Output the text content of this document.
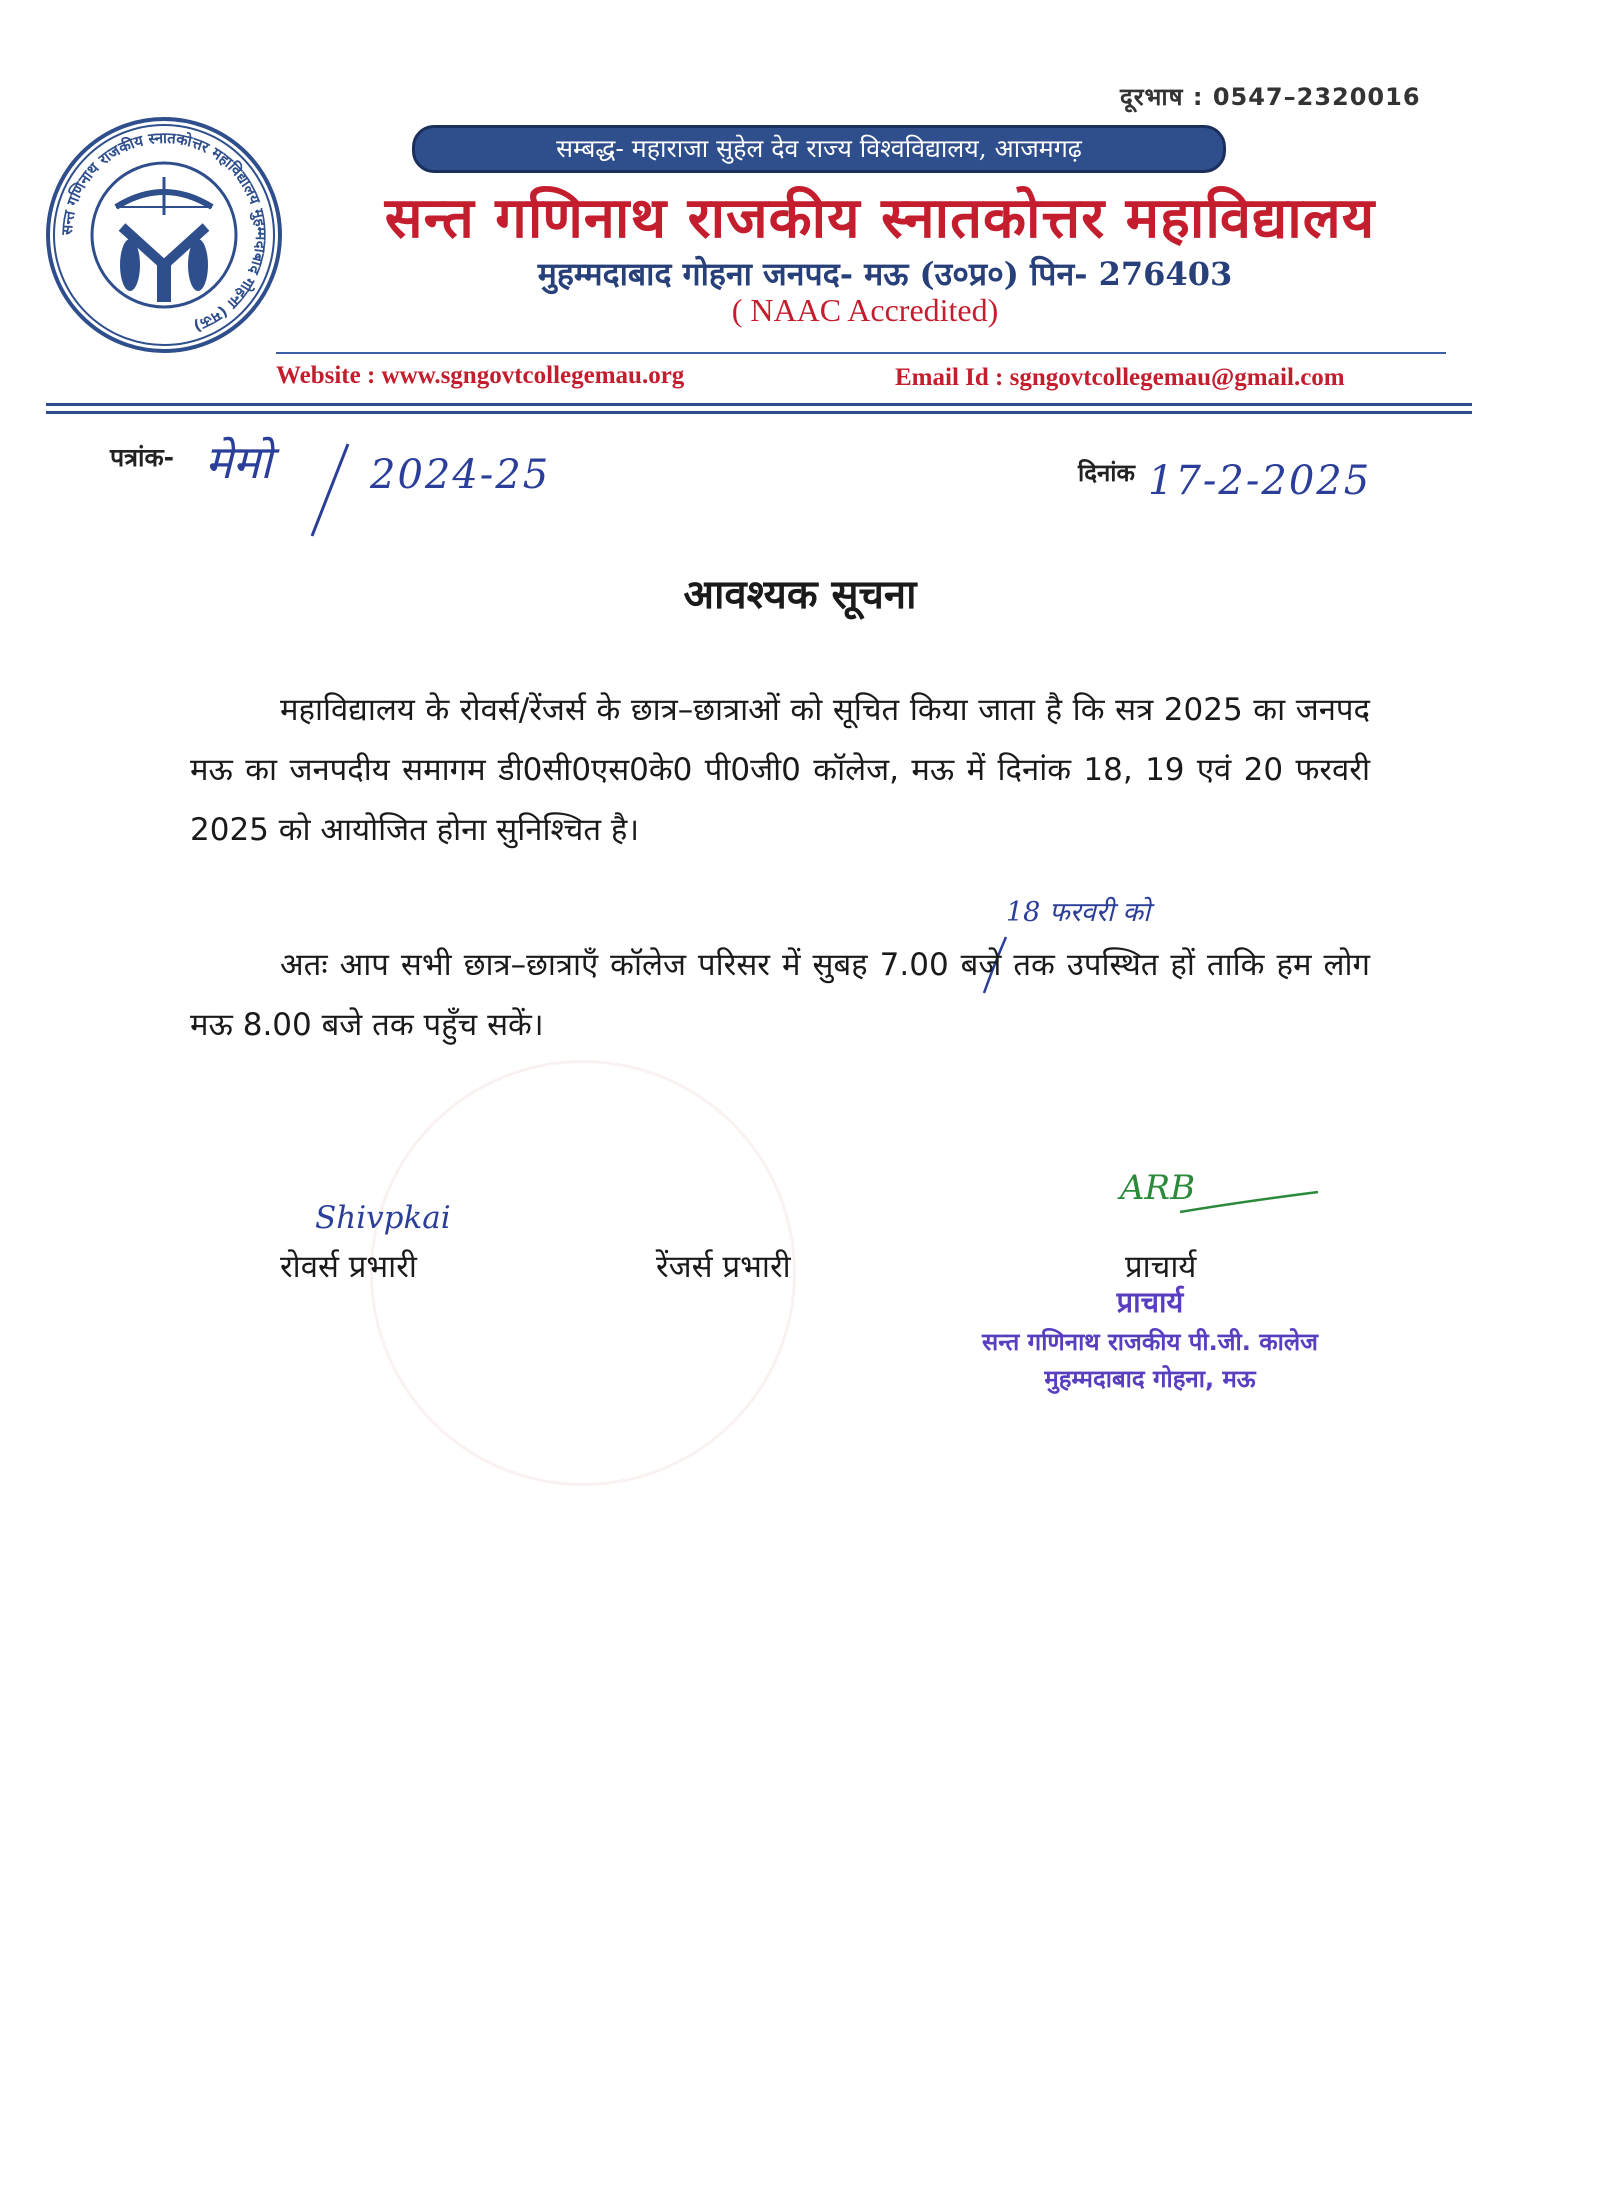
दूरभाष : 0547–2320016
सन्त गणिनाथ राजकीय स्नातकोत्तर महाविद्यालय मुहम्मदाबाद गोहना (मऊ)
सम्बद्ध- महाराजा सुहेल देव राज्य विश्वविद्यालय, आजमगढ़
सन्त गणिनाथ राजकीय स्नातकोत्तर महाविद्यालय
मुहम्मदाबाद गोहना जनपद- मऊ (उ०प्र०) पिन- 276403
( NAAC Accredited)
Website : www.sgngovtcollegemau.org	Email Id : sgngovtcollegemau@gmail.com
पत्रांक- मेमो 2024-25	दिनांक 17-2-2025
आवश्यक सूचना
महाविद्यालय के रोवर्स/रेंजर्स के छात्र–छात्राओं को सूचित किया जाता है कि सत्र 2025 का जनपद मऊ का जनपदीय समागम डी0सी0एस0के0 पी0जी0 कॉलेज, मऊ में दिनांक 18, 19 एवं 20 फरवरी 2025 को आयोजित होना सुनिश्चित है।
18 फरवरी को
अतः आप सभी छात्र–छात्राएँ कॉलेज परिसर में सुबह 7.00 बजे तक उपस्थित हों ताकि हम लोग मऊ 8.00 बजे तक पहुँच सकें।
Shivpkai
रोवर्स प्रभारी	रेंजर्स प्रभारी
ARB
प्राचार्य
प्राचार्य
सन्त गणिनाथ राजकीय पी.जी. कालेज
मुहम्मदाबाद गोहना, मऊ
